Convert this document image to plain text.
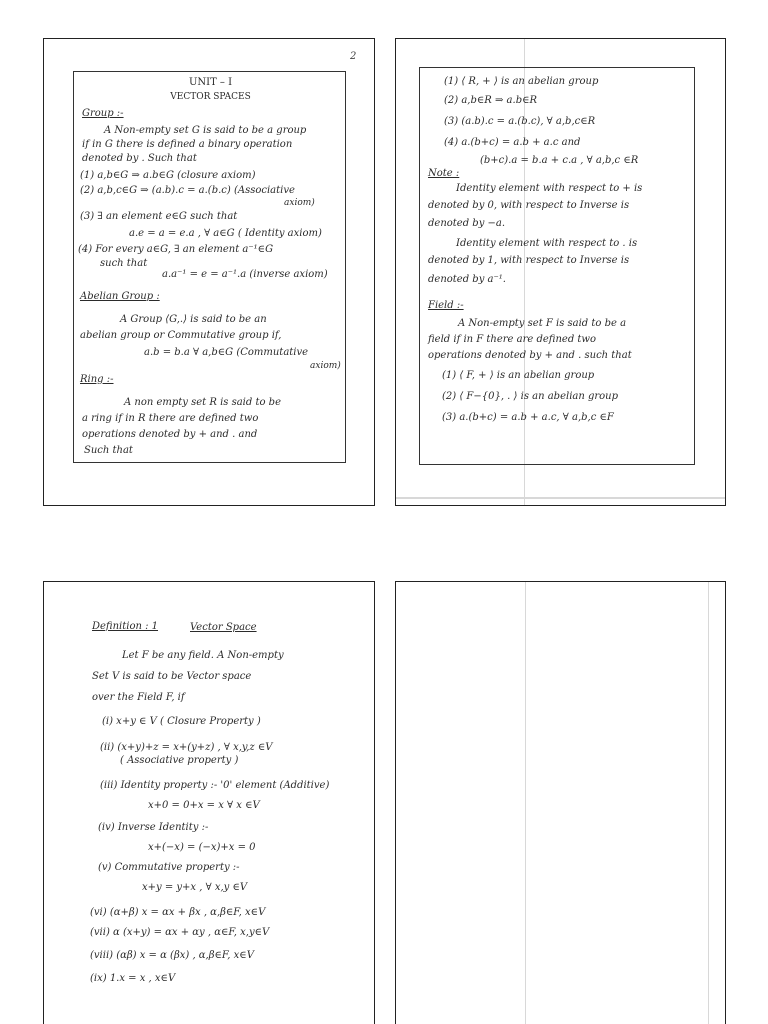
2
UNIT – I
VECTOR SPACES
Group :-
A Non-empty set G is said to be a group
if in G there is defined a binary operation
denoted by . Such that
(1) a,b∈G ⇒ a.b∈G (closure axiom)
(2) a,b,c∈G ⇒ (a.b).c = a.(b.c) (Associative
axiom)
(3) ∃ an element e∈G such that
a.e = a = e.a , ∀ a∈G ( Identity axiom)
(4) For every a∈G, ∃ an element a⁻¹∈G
such that
a.a⁻¹ = e = a⁻¹.a (inverse axiom)
Abelian Group :
A Group ⟨G,.⟩ is said to be an
abelian group or Commutative group if,
a.b = b.a ∀ a,b∈G (Commutative
axiom)
Ring :-
A non empty set R is said to be
a ring if in R there are defined two
operations denoted by + and . and
Such that
(1) ⟨ R, + ⟩ is an abelian group
(2) a,b∈R ⇒ a.b∈R
(3) (a.b).c = a.(b.c), ∀ a,b,c∈R
(4) a.(b+c) = a.b + a.c and
(b+c).a = b.a + c.a , ∀ a,b,c ∈R
Note :
Identity element with respect to + is
denoted by 0, with respect to Inverse is
denoted by −a.
Identity element with respect to . is
denoted by 1, with respect to Inverse is
denoted by a⁻¹.
Field :-
A Non-empty set F is said to be a
field if in F there are defined two
operations denoted by + and . such that
(1) ⟨ F, + ⟩ is an abelian group
(2) ⟨ F−{0}, . ⟩ is an abelian group
(3) a.(b+c) = a.b + a.c, ∀ a,b,c ∈F
Definition : 1	Vector Space
Let F be any field. A Non-empty
Set V is said to be Vector space
over the Field F, if
(i) x+y ∈ V ( Closure Property )
(ii) (x+y)+z = x+(y+z) , ∀ x,y,z ∈V
( Associative property )
(iii) Identity property :- '0' element (Additive)
x+0 = 0+x = x ∀ x ∈V
(iv) Inverse Identity :-
x+(−x) = (−x)+x = 0
(v) Commutative property :-
x+y = y+x , ∀ x,y ∈V
(vi) (α+β) x = αx + βx , α,β∈F, x∈V
(vii) α (x+y) = αx + αy , α∈F, x,y∈V
(viii) (αβ) x = α (βx) , α,β∈F, x∈V
(ix) 1.x = x , x∈V
